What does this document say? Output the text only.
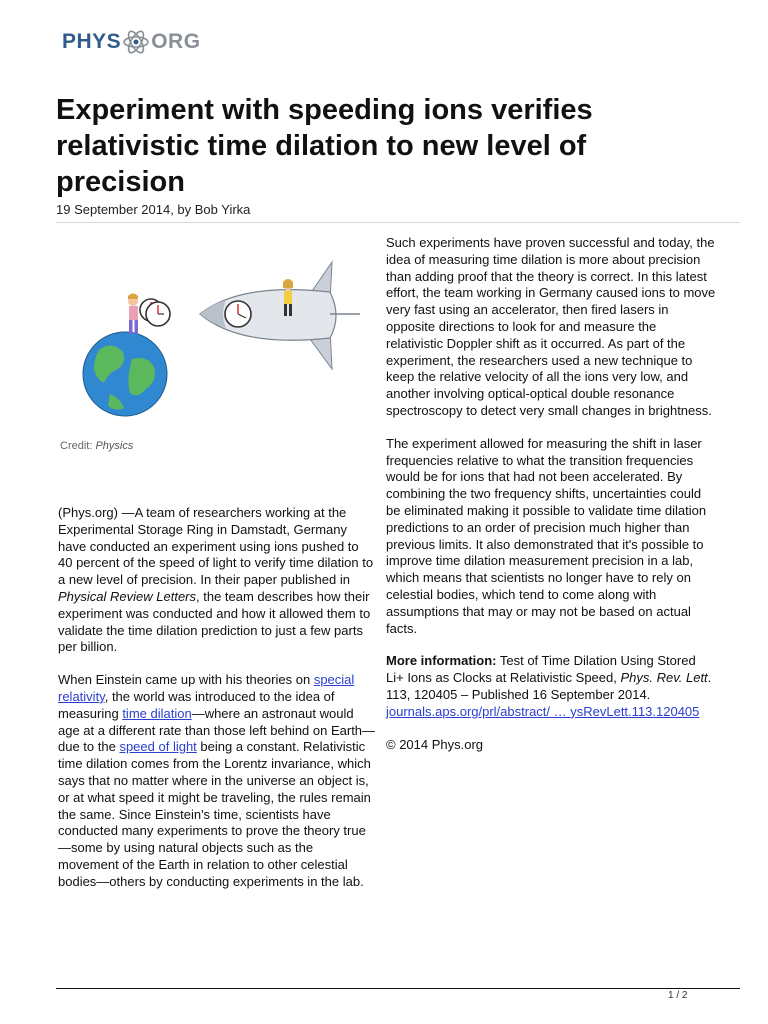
PHYS ORG
Experiment with speeding ions verifies relativistic time dilation to new level of precision
19 September 2014, by Bob Yirka
Credit: Physics

(Phys.org) —A team of researchers working at the Experimental Storage Ring in Damstadt, Germany have conducted an experiment using ions pushed to 40 percent of the speed of light to verify time dilation to a new level of precision. In their paper published in Physical Review Letters, the team describes how their experiment was conducted and how it allowed them to validate the time dilation prediction to just a few parts per billion.

When Einstein came up with his theories on special relativity, the world was introduced to the idea of measuring time dilation—where an astronaut would age at a different rate than those left behind on Earth—due to the speed of light being a constant. Relativistic time dilation comes from the Lorentz invariance, which says that no matter where in the universe an object is, or at what speed it might be traveling, the rules remain the same. Since Einstein's time, scientists have conducted many experiments to prove the theory true—some by using natural objects such as the movement of the Earth in relation to other celestial bodies—others by conducting experiments in the lab.

Such experiments have proven successful and today, the idea of measuring time dilation is more about precision than adding proof that the theory is correct. In this latest effort, the team working in Germany caused ions to move very fast using an accelerator, then fired lasers in opposite directions to look for and measure the relativistic Doppler shift as it occurred. As part of the experiment, the researchers used a new technique to keep the relative velocity of all the ions very low, and another involving optical-optical double resonance spectroscopy to detect very small changes in brightness.

The experiment allowed for measuring the shift in laser frequencies relative to what the transition frequencies would be for ions that had not been accelerated. By combining the two frequency shifts, uncertainties could be eliminated making it possible to validate time dilation predictions to an order of precision much higher than previous limits. It also demonstrated that it's possible to improve time dilation measurement precision in a lab, which means that scientists no longer have to rely on celestial bodies, which tend to come along with assumptions that may or may not be based on actual facts.

More information: Test of Time Dilation Using Stored Li+ Ions as Clocks at Relativistic Speed, Phys. Rev. Lett. 113, 120405 – Published 16 September 2014. journals.aps.org/prl/abstract/ … ysRevLett.113.120405

© 2014 Phys.org

1 / 2
